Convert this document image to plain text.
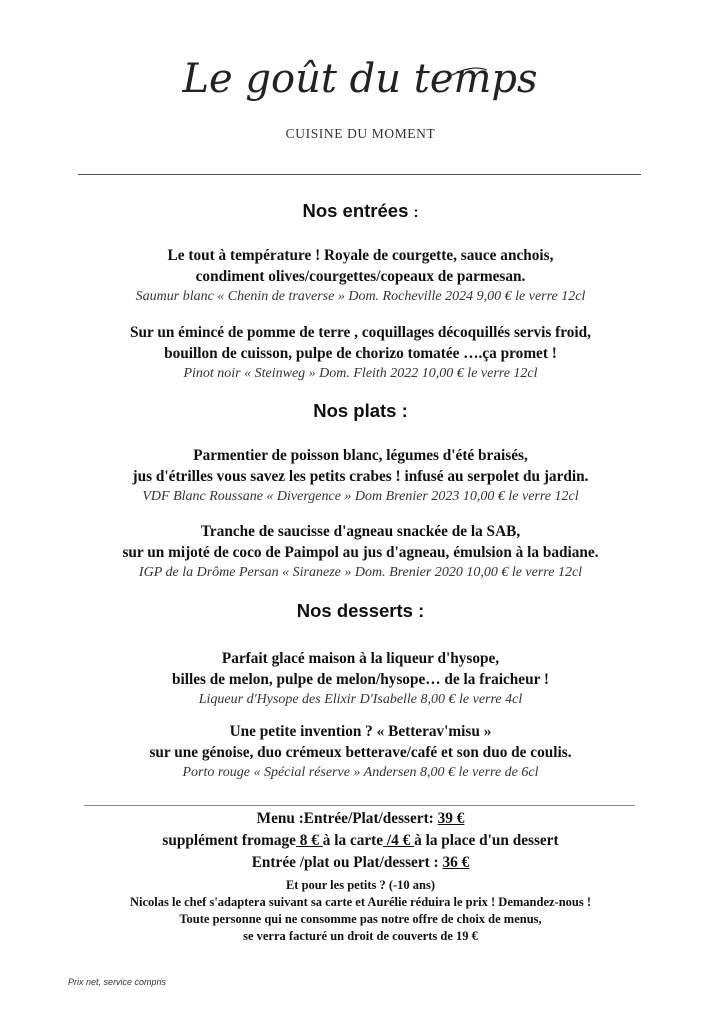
Le goût du temps
CUISINE DU MOMENT
Nos entrées :
Le tout à température ! Royale de courgette, sauce anchois,
condiment olives/courgettes/copeaux de parmesan.
Saumur blanc « Chenin de traverse » Dom. Rocheville 2024 9,00 € le verre 12cl
Sur un émincé de pomme de terre , coquillages décoquillés servis froid,
bouillon de cuisson, pulpe de chorizo tomatée ….ça promet !
Pinot noir « Steinweg » Dom. Fleith 2022 10,00 € le verre 12cl
Nos plats :
Parmentier de poisson blanc, légumes d'été braisés,
jus d'étrilles vous savez les petits crabes ! infusé au serpolet du jardin.
VDF Blanc Roussane « Divergence » Dom Brenier 2023 10,00 € le verre 12cl
Tranche de saucisse d'agneau snackée de la SAB,
sur un mijoté de coco de Paimpol au jus d'agneau, émulsion à la badiane.
IGP de la Drôme Persan « Siraneze » Dom. Brenier 2020 10,00 € le verre 12cl
Nos desserts :
Parfait glacé maison à la liqueur d'hysope,
billes de melon, pulpe de melon/hysope… de la fraicheur !
Liqueur d'Hysope des Elixir D'Isabelle 8,00 € le verre 4cl
Une petite invention ? « Betterav'misu »
sur une génoise, duo crémeux betterave/café et son duo de coulis.
Porto rouge « Spécial réserve » Andersen 8,00 € le verre de 6cl
Menu :Entrée/Plat/dessert: 39 €
supplément fromage 8 € à la carte /4 € à la place d'un dessert
Entrée /plat ou Plat/dessert : 36 €
Et pour les petits ? (-10 ans)
Nicolas le chef s'adaptera suivant sa carte et Aurélie réduira le prix ! Demandez-nous !
Toute personne qui ne consomme pas notre offre de choix de menus,
se verra facturé un droit de couverts de 19 €
Prix net, service compris
